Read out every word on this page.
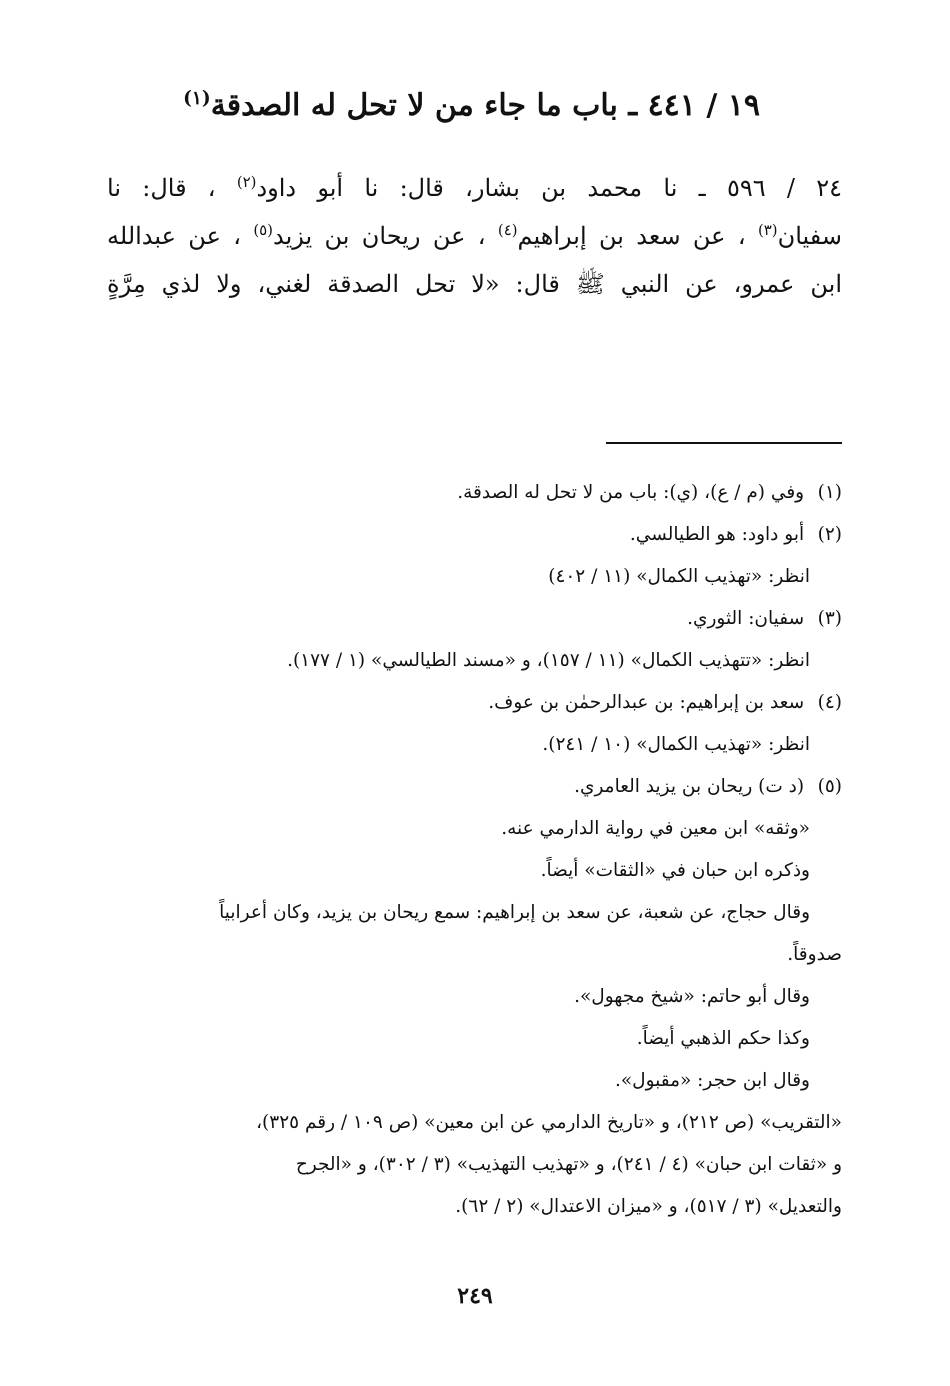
١٩ / ٤٤١ ـ باب ما جاء من لا تحل له الصدقة$^{(١)}$
٢٤ / ٥٩٦ ـ نا محمد بن بشار، قال: نا أبو داود$^{(٢)}$ ، قال: نا
سفيان$^{(٣)}$ ، عن سعد بن إبراهيم$^{(٤)}$ ، عن ريحان بن يزيد$^{(٥)}$ ، عن عبدالله
ابن عمرو، عن النبي ﷺ قال: «لا تحل الصدقة لغني، ولا لذي مِرَّةٍ
(١) وفي (م / ع)، (ي): باب من لا تحل له الصدقة.
(٢) أبو داود: هو الطيالسي.
انظر: «تهذيب الكمال» (١١ / ٤٠٢)
(٣) سفيان: الثوري.
انظر: «تتهذيب الكمال» (١١ / ١٥٧)، و «مسند الطيالسي» (١ / ١٧٧).
(٤) سعد بن إبراهيم: بن عبدالرحمٰن بن عوف.
انظر: «تهذيب الكمال» (١٠ / ٢٤١).
(٥) (د ت) ريحان بن يزيد العامري.
«وثقه» ابن معين في رواية الدارمي عنه.
وذكره ابن حبان في «الثقات» أيضاً.
وقال حجاج، عن شعبة، عن سعد بن إبراهيم: سمع ريحان بن يزيد، وكان أعرابياً
صدوقاً.
وقال أبو حاتم: «شيخ مجهول».
وكذا حكم الذهبي أيضاً.
وقال ابن حجر: «مقبول».
«التقريب» (ص ٢١٢)، و «تاريخ الدارمي عن ابن معين» (ص ١٠٩ / رقم ٣٢٥)،
و «ثقات ابن حبان» (٤ / ٢٤١)، و «تهذيب التهذيب» (٣ / ٣٠٢)، و «الجرح
والتعديل» (٣ / ٥١٧)، و «ميزان الاعتدال» (٢ / ٦٢).
٢٤٩
